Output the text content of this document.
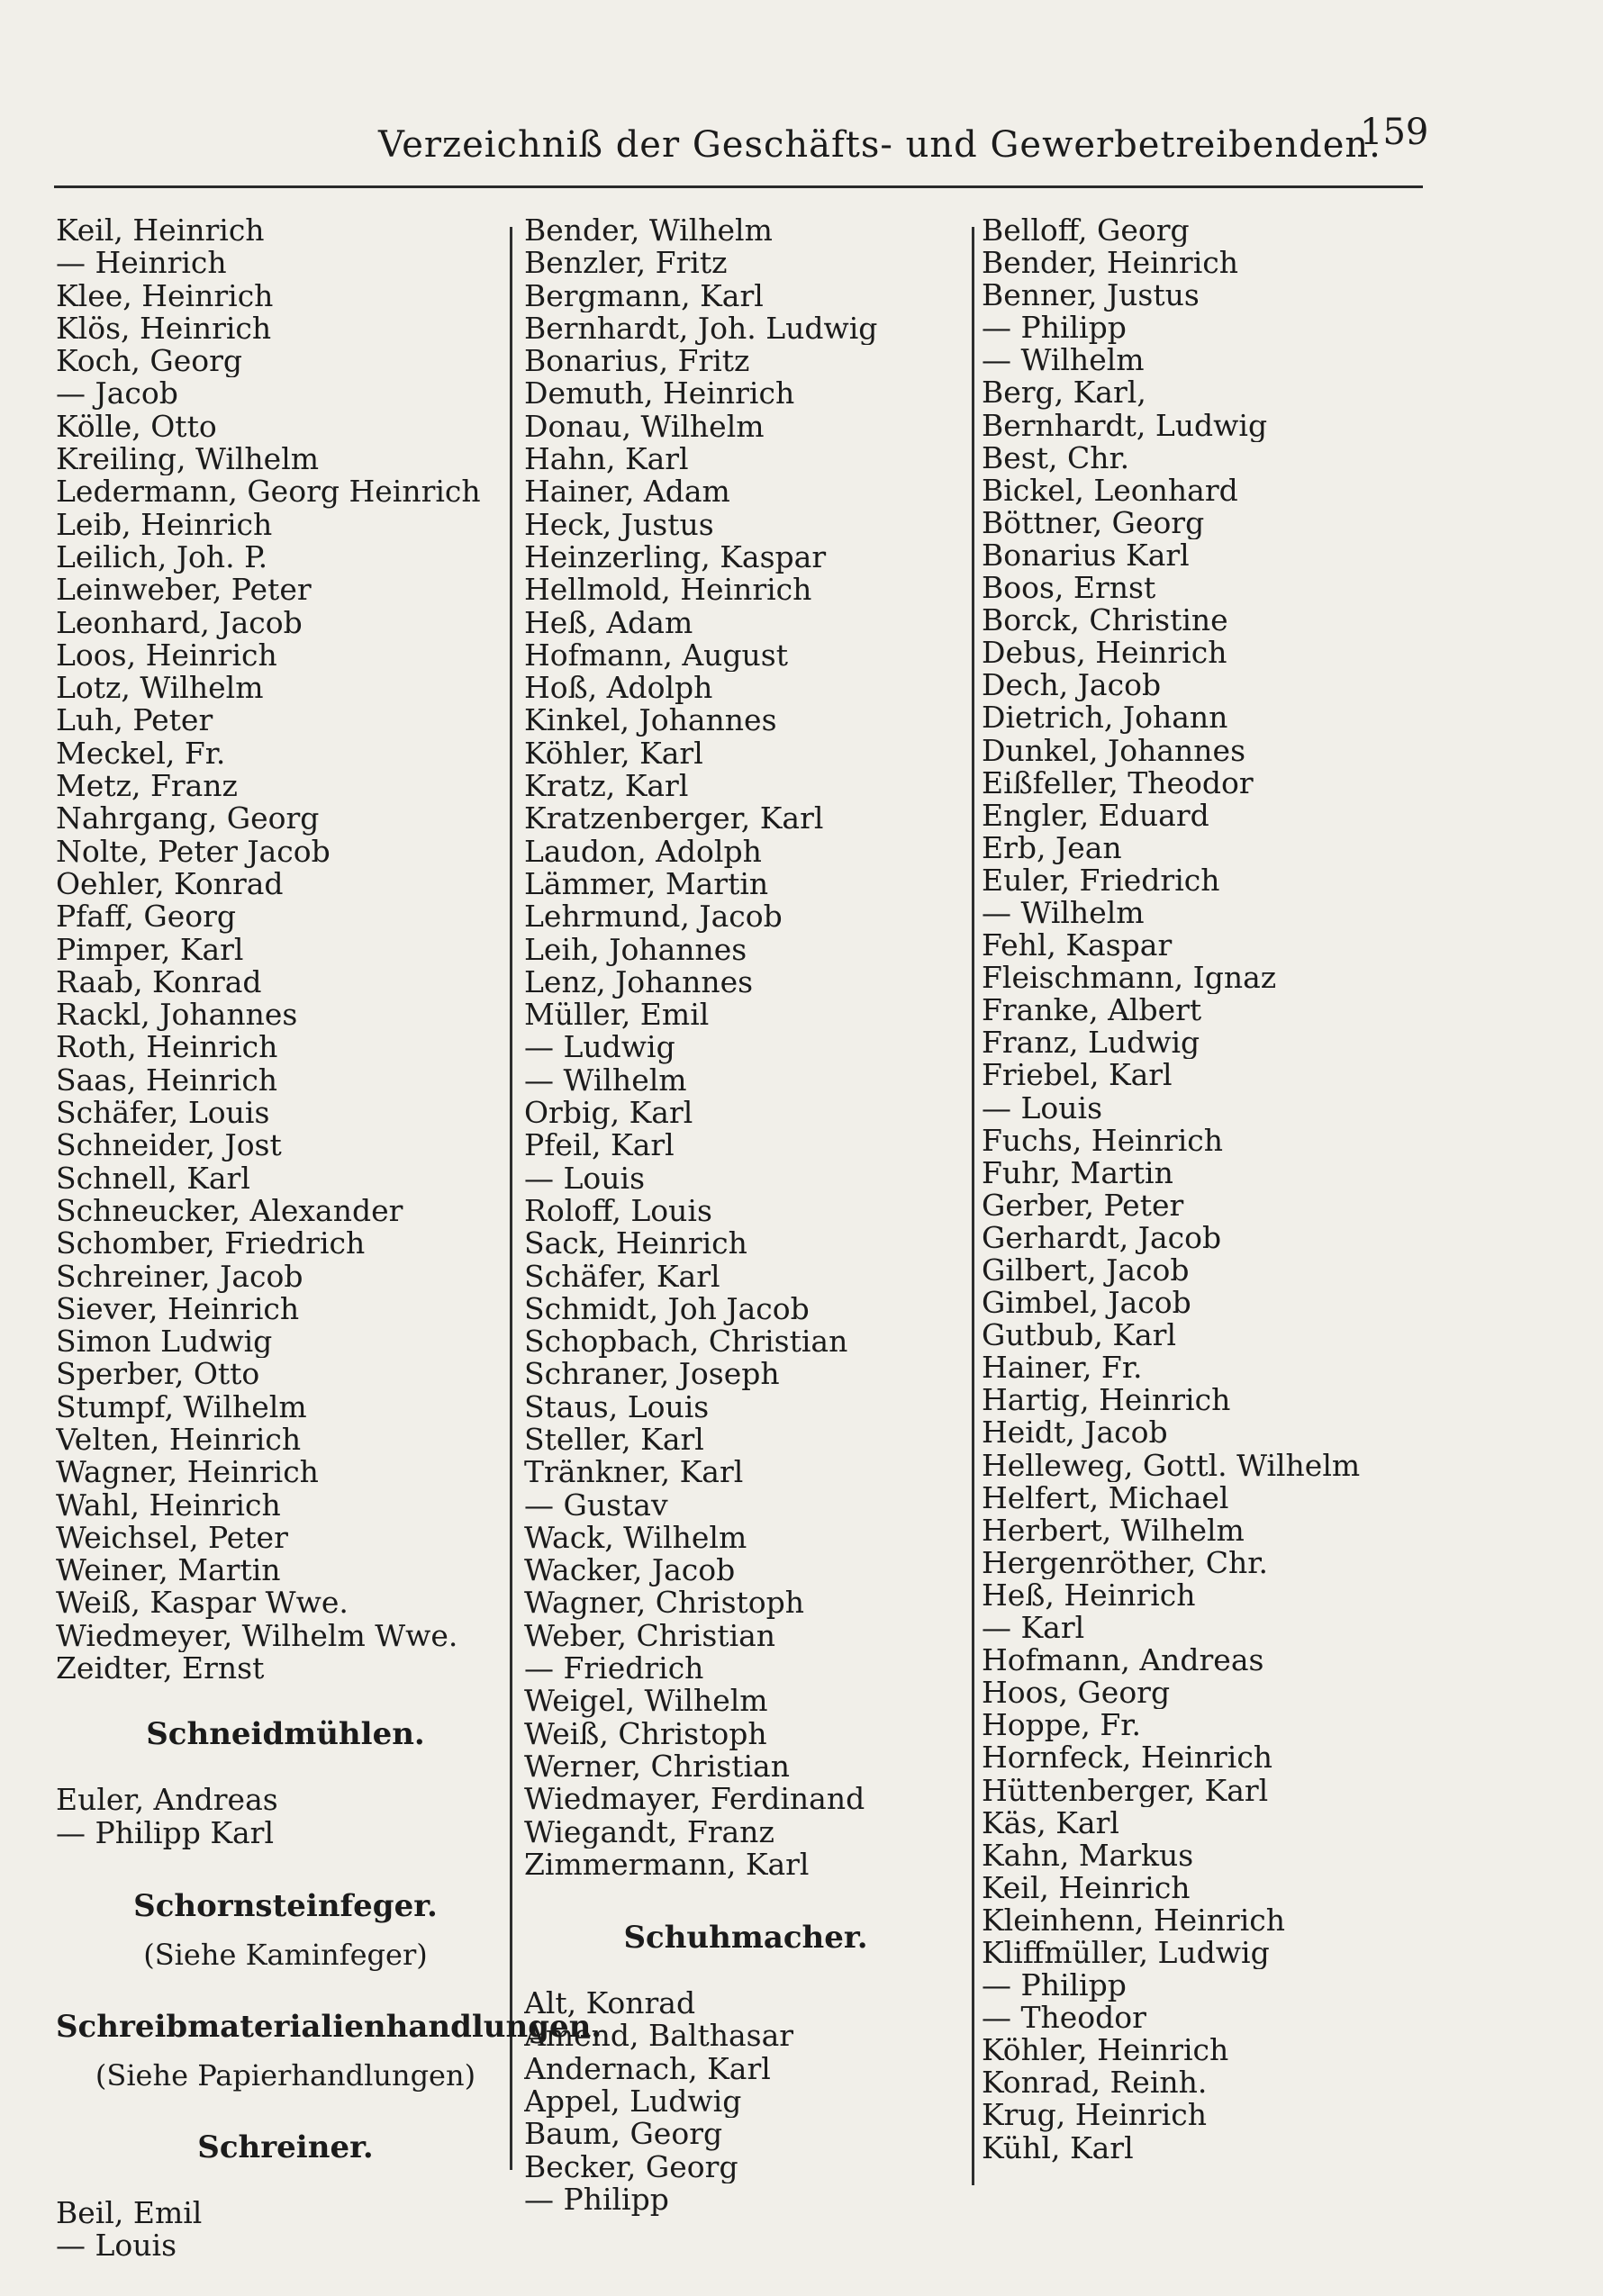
Verzeichniß der Geschäfts- und Gewerbetreibenden.
159
Keil, Heinrich
— Heinrich
Klee, Heinrich
Klös, Heinrich
Koch, Georg
— Jacob
Kölle, Otto
Kreiling, Wilhelm
Ledermann, Georg Heinrich
Leib, Heinrich
Leilich, Joh. P.
Leinweber, Peter
Leonhard, Jacob
Loos, Heinrich
Lotz, Wilhelm
Luh, Peter
Meckel, Fr.
Metz, Franz
Nahrgang, Georg
Nolte, Peter Jacob
Oehler, Konrad
Pfaff, Georg
Pimper, Karl
Raab, Konrad
Rackl, Johannes
Roth, Heinrich
Saas, Heinrich
Schäfer, Louis
Schneider, Jost
Schnell, Karl
Schneucker, Alexander
Schomber, Friedrich
Schreiner, Jacob
Siever, Heinrich
Simon Ludwig
Sperber, Otto
Stumpf, Wilhelm
Velten, Heinrich
Wagner, Heinrich
Wahl, Heinrich
Weichsel, Peter
Weiner, Martin
Weiß, Kaspar Wwe.
Wiedmeyer, Wilhelm Wwe.
Zeidter, Ernst
Schneidmühlen.
Euler, Andreas
— Philipp Karl
Schornsteinfeger.
(Siehe Kaminfeger)
Schreibmaterialienhandlungen.
(Siehe Papierhandlungen)
Schreiner.
Beil, Emil
— Louis
Bender, Wilhelm
Benzler, Fritz
Bergmann, Karl
Bernhardt, Joh. Ludwig
Bonarius, Fritz
Demuth, Heinrich
Donau, Wilhelm
Hahn, Karl
Hainer, Adam
Heck, Justus
Heinzerling, Kaspar
Hellmold, Heinrich
Heß, Adam
Hofmann, August
Hoß, Adolph
Kinkel, Johannes
Köhler, Karl
Kratz, Karl
Kratzenberger, Karl
Laudon, Adolph
Lämmer, Martin
Lehrmund, Jacob
Leih, Johannes
Lenz, Johannes
Müller, Emil
— Ludwig
— Wilhelm
Orbig, Karl
Pfeil, Karl
— Louis
Roloff, Louis
Sack, Heinrich
Schäfer, Karl
Schmidt, Joh Jacob
Schopbach, Christian
Schraner, Joseph
Staus, Louis
Steller, Karl
Tränkner, Karl
— Gustav
Wack, Wilhelm
Wacker, Jacob
Wagner, Christoph
Weber, Christian
— Friedrich
Weigel, Wilhelm
Weiß, Christoph
Werner, Christian
Wiedmayer, Ferdinand
Wiegandt, Franz
Zimmermann, Karl
Schuhmacher.
Alt, Konrad
Amend, Balthasar
Andernach, Karl
Appel, Ludwig
Baum, Georg
Becker, Georg
— Philipp
Belloff, Georg
Bender, Heinrich
Benner, Justus
— Philipp
— Wilhelm
Berg, Karl,
Bernhardt, Ludwig
Best, Chr.
Bickel, Leonhard
Böttner, Georg
Bonarius Karl
Boos, Ernst
Borck, Christine
Debus, Heinrich
Dech, Jacob
Dietrich, Johann
Dunkel, Johannes
Eißfeller, Theodor
Engler, Eduard
Erb, Jean
Euler, Friedrich
— Wilhelm
Fehl, Kaspar
Fleischmann, Ignaz
Franke, Albert
Franz, Ludwig
Friebel, Karl
— Louis
Fuchs, Heinrich
Fuhr, Martin
Gerber, Peter
Gerhardt, Jacob
Gilbert, Jacob
Gimbel, Jacob
Gutbub, Karl
Hainer, Fr.
Hartig, Heinrich
Heidt, Jacob
Helleweg, Gottl. Wilhelm
Helfert, Michael
Herbert, Wilhelm
Hergenröther, Chr.
Heß, Heinrich
— Karl
Hofmann, Andreas
Hoos, Georg
Hoppe, Fr.
Hornfeck, Heinrich
Hüttenberger, Karl
Käs, Karl
Kahn, Markus
Keil, Heinrich
Kleinhenn, Heinrich
Kliffmüller, Ludwig
— Philipp
— Theodor
Köhler, Heinrich
Konrad, Reinh.
Krug, Heinrich
Kühl, Karl
